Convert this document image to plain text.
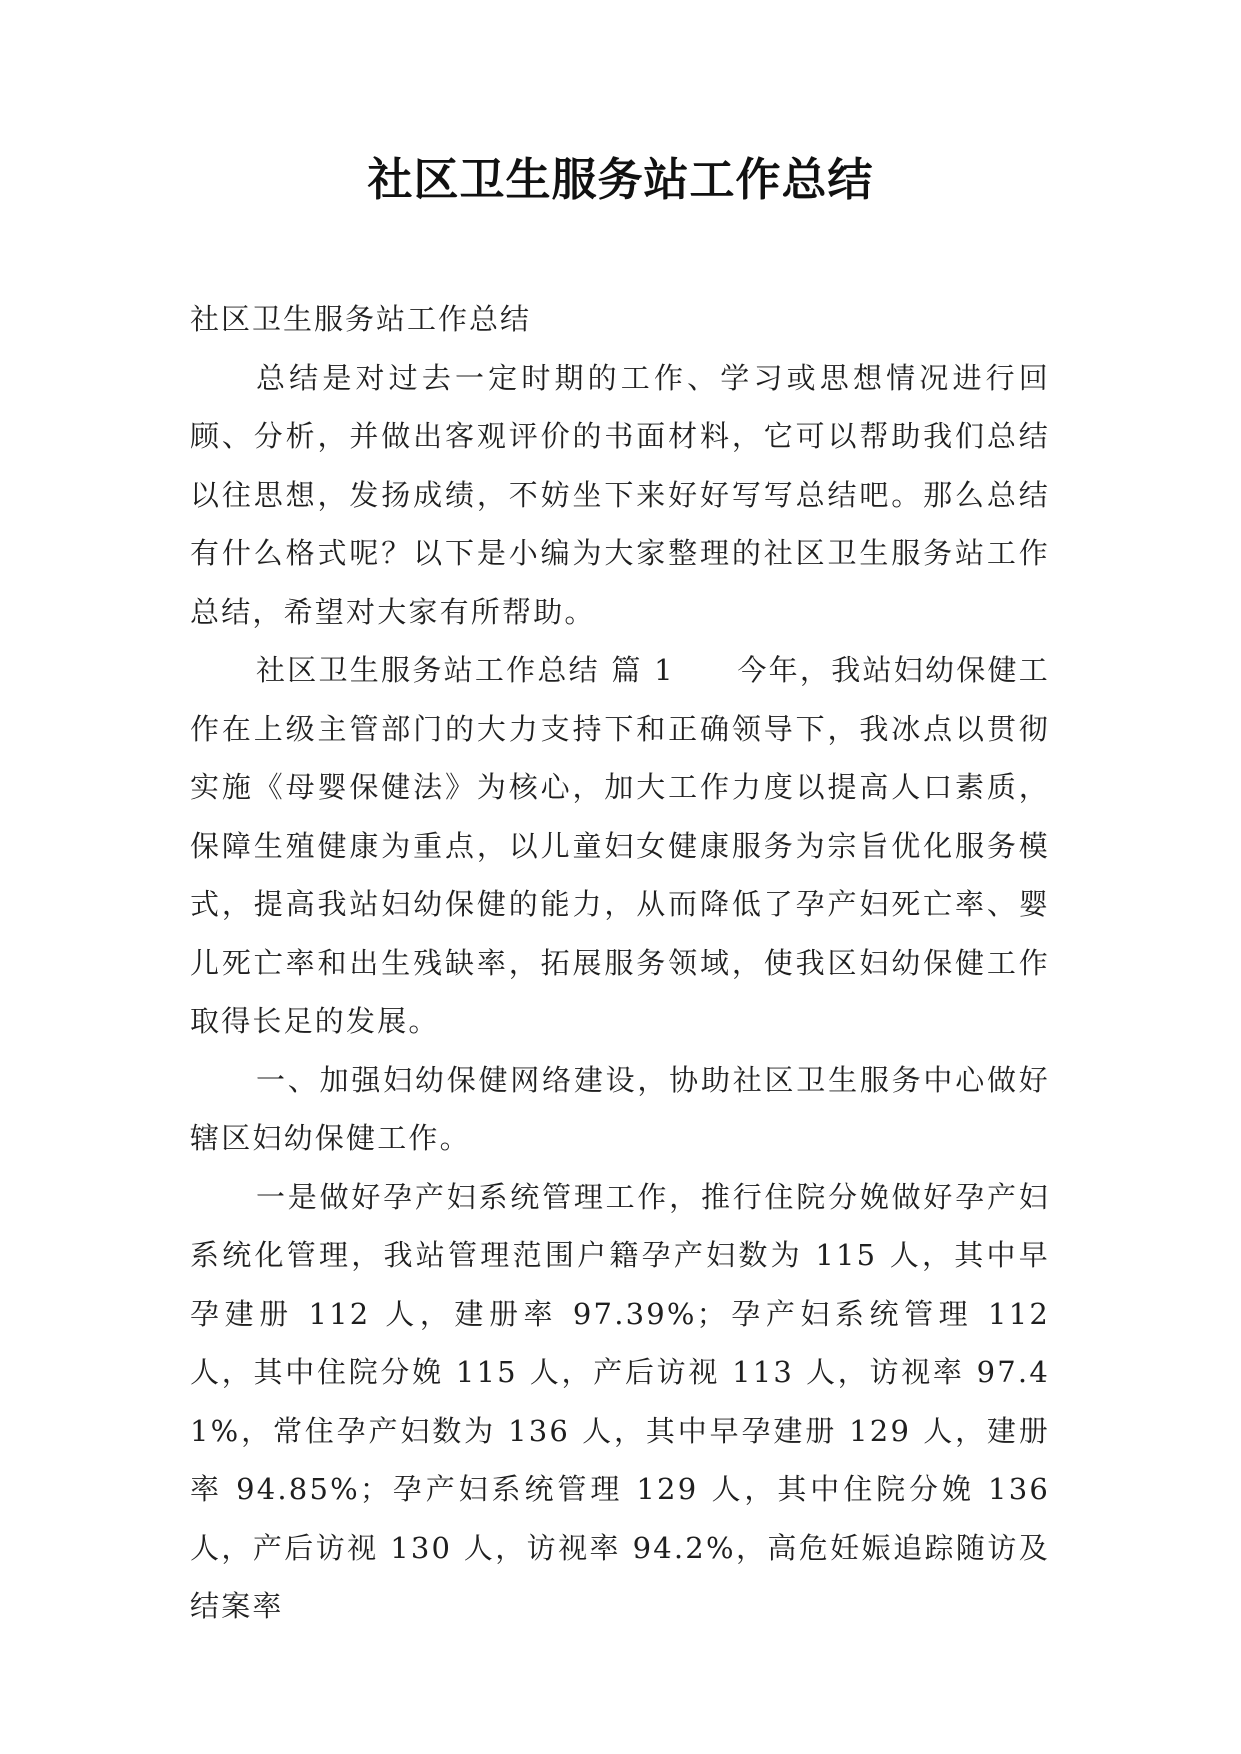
社区卫生服务站工作总结

社区卫生服务站工作总结

总结是对过去一定时期的工作、学习或思想情况进行回顾、分析，并做出客观评价的书面材料，它可以帮助我们总结以往思想，发扬成绩，不妨坐下来好好写写总结吧。那么总结有什么格式呢？以下是小编为大家整理的社区卫生服务站工作总结，希望对大家有所帮助。

社区卫生服务站工作总结 篇 1　　今年，我站妇幼保健工作在上级主管部门的大力支持下和正确领导下，我冰点以贯彻实施《母婴保健法》为核心，加大工作力度以提高人口素质，保障生殖健康为重点，以儿童妇女健康服务为宗旨优化服务模式，提高我站妇幼保健的能力，从而降低了孕产妇死亡率、婴儿死亡率和出生残缺率，拓展服务领域，使我区妇幼保健工作取得长足的发展。

一、加强妇幼保健网络建设，协助社区卫生服务中心做好辖区妇幼保健工作。

一是做好孕产妇系统管理工作，推行住院分娩做好孕产妇系统化管理，我站管理范围户籍孕产妇数为 115 人，其中早孕建册 112 人，建册率 97.39%；孕产妇系统管理 112 人，其中住院分娩 115 人，产后访视 113 人，访视率 97.41%，常住孕产妇数为 136 人，其中早孕建册 129 人，建册率 94.85%；孕产妇系统管理 129 人，其中住院分娩 136 人，产后访视 130 人，访视率 94.2%，高危妊娠追踪随访及结案率
